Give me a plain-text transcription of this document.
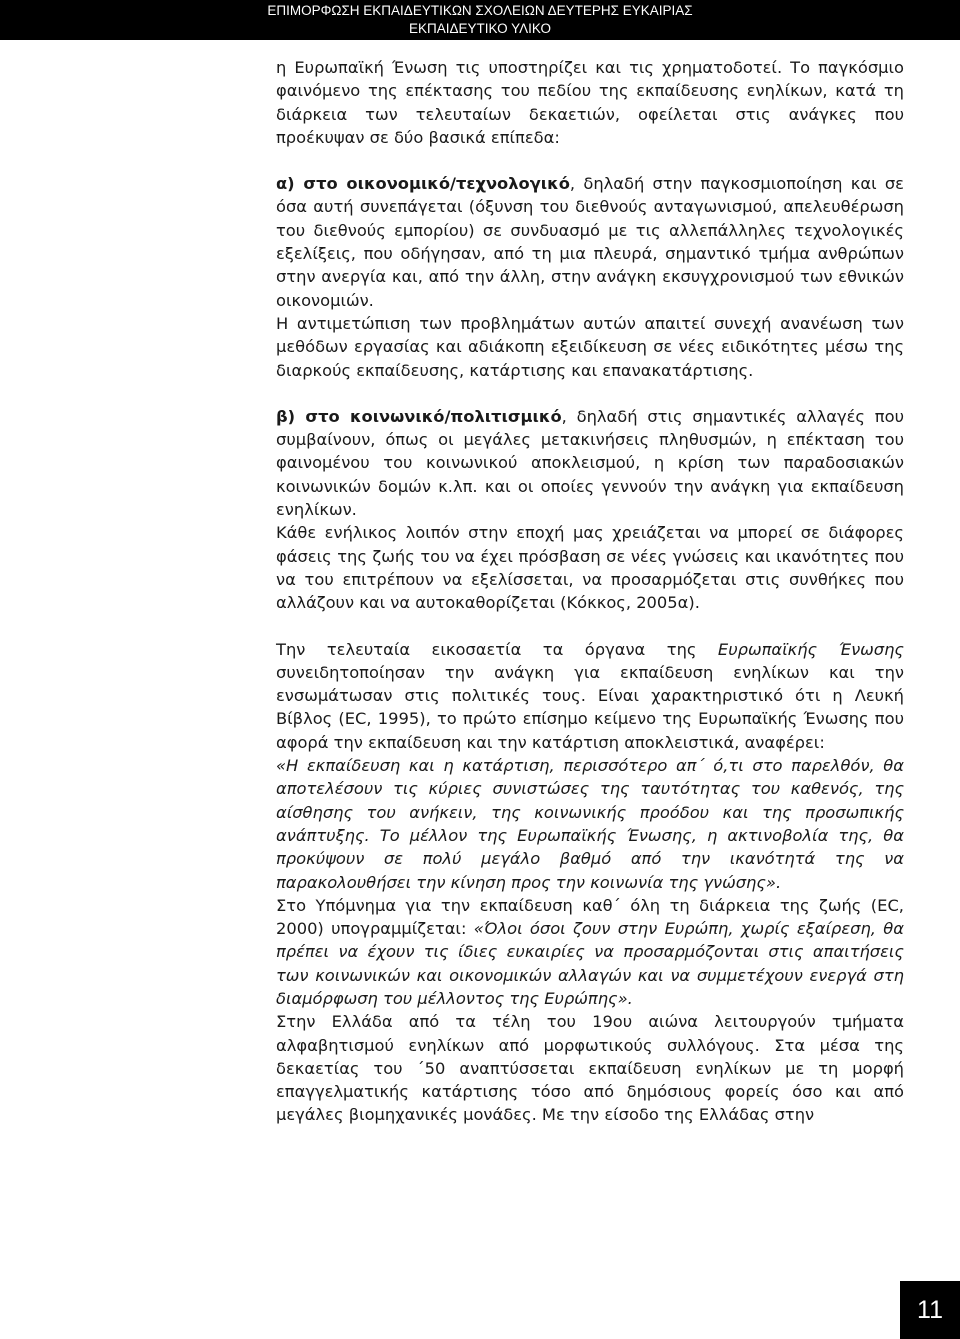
ΕΠΙΜΟΡΦΩΣΗ ΕΚΠΑΙΔΕΥΤΙΚΩΝ ΣΧΟΛΕΙΩΝ ΔΕΥΤΕΡΗΣ ΕΥΚΑΙΡΙΑΣ
ΕΚΠΑΙΔΕΥΤΙΚΟ ΥΛΙΚΟ

η Ευρωπαϊκή Ένωση τις υποστηρίζει και τις χρηματοδοτεί. Το παγκόσμιο φαινόμενο της επέκτασης του πεδίου της εκπαίδευσης ενηλίκων, κατά τη διάρκεια των τελευταίων δεκαετιών, οφείλεται στις ανάγκες που προέκυψαν σε δύο βασικά επίπεδα:

α) στο οικονομικό/τεχνολογικό, δηλαδή στην παγκοσμιοποίηση και σε όσα αυτή συνεπάγεται (όξυνση του διεθνούς ανταγωνισμού, απελευθέρωση του διεθνούς εμπορίου) σε συνδυασμό με τις αλλεπάλληλες τεχνολογικές εξελίξεις, που οδήγησαν, από τη μια πλευρά, σημαντικό τμήμα ανθρώπων στην ανεργία και, από την άλλη, στην ανάγκη εκσυγχρονισμού των εθνικών οικονομιών.

Η αντιμετώπιση των προβλημάτων αυτών απαιτεί συνεχή ανανέωση των μεθόδων εργασίας και αδιάκοπη εξειδίκευση σε νέες ειδικότητες μέσω της διαρκούς εκπαίδευσης, κατάρτισης και επανακατάρτισης.

β) στο κοινωνικό/πολιτισμικό, δηλαδή στις σημαντικές αλλαγές που συμβαίνουν, όπως οι μεγάλες μετακινήσεις πληθυσμών, η επέκταση του φαινομένου του κοινωνικού αποκλεισμού, η κρίση των παραδοσιακών κοινωνικών δομών κ.λπ. και οι οποίες γεννούν την ανάγκη για εκπαίδευση ενηλίκων.

Κάθε ενήλικος λοιπόν στην εποχή μας χρειάζεται να μπορεί σε διάφορες φάσεις της ζωής του να έχει πρόσβαση σε νέες γνώσεις και ικανότητες που να του επιτρέπουν να εξελίσσεται, να προσαρμόζεται στις συνθήκες που αλλάζουν και να αυτοκαθορίζεται (Κόκκος, 2005α).

Την τελευταία εικοσαετία τα όργανα της Ευρωπαϊκής Ένωσης συνειδητοποίησαν την ανάγκη για εκπαίδευση ενηλίκων και την ενσωμάτωσαν στις πολιτικές τους. Είναι χαρακτηριστικό ότι η Λευκή Βίβλος (EC, 1995), το πρώτο επίσημο κείμενο της Ευρωπαϊκής Ένωσης που αφορά την εκπαίδευση και την κατάρτιση αποκλειστικά, αναφέρει:

«Η εκπαίδευση και η κατάρτιση, περισσότερο απ΄ ό,τι στο παρελθόν, θα αποτελέσουν τις κύριες συνιστώσες της ταυτότητας του καθενός, της αίσθησης του ανήκειν, της κοινωνικής προόδου και της προσωπικής ανάπτυξης. Το μέλλον της Ευρωπαϊκής Ένωσης, η ακτινοβολία της, θα προκύψουν σε πολύ μεγάλο βαθμό από την ικανότητά της να παρακολουθήσει την κίνηση προς την κοινωνία της γνώσης».

Στο Υπόμνημα για την εκπαίδευση καθ΄ όλη τη διάρκεια της ζωής (EC, 2000) υπογραμμίζεται: «Όλοι όσοι ζουν στην Ευρώπη, χωρίς εξαίρεση, θα πρέπει να έχουν τις ίδιες ευκαιρίες να προσαρμόζονται στις απαιτήσεις των κοινωνικών και οικονομικών αλλαγών και να συμμετέχουν ενεργά στη διαμόρφωση του μέλλοντος της Ευρώπης».

Στην Ελλάδα από τα τέλη του 19ου αιώνα λειτουργούν τμήματα αλφαβητισμού ενηλίκων από μορφωτικούς συλλόγους. Στα μέσα της δεκαετίας του ΄50 αναπτύσσεται εκπαίδευση ενηλίκων με τη μορφή επαγγελματικής κατάρτισης τόσο από δημόσιους φορείς όσο και από μεγάλες βιομηχανικές μονάδες. Με την είσοδο της Ελλάδας στην

11
